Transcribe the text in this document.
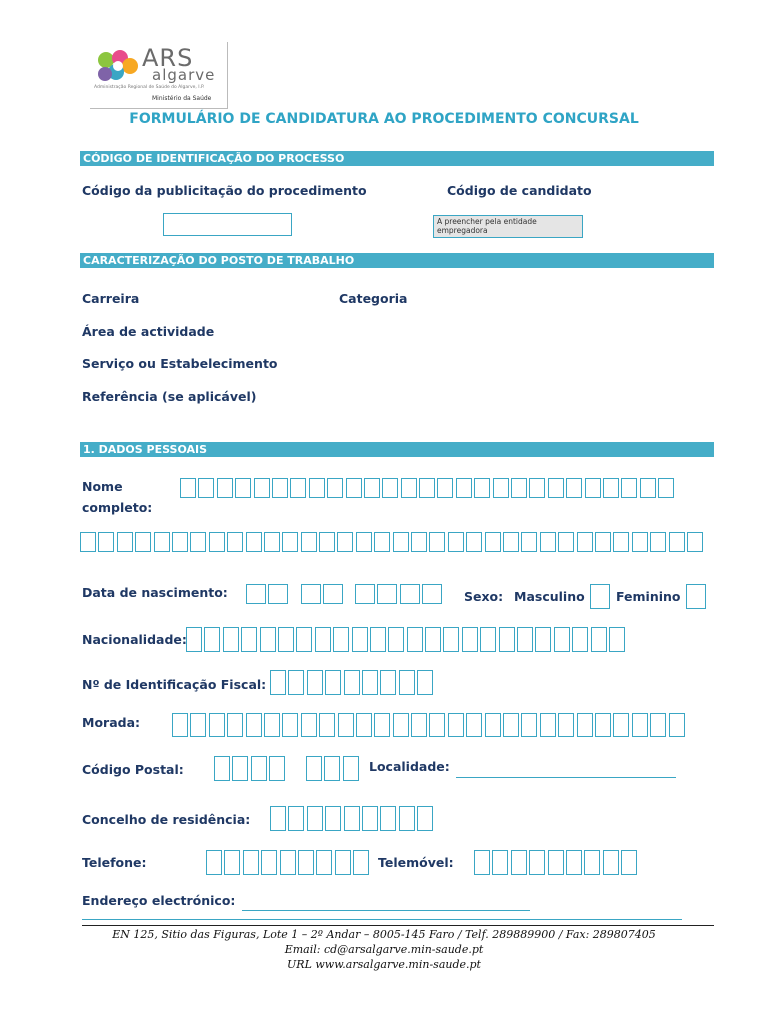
ARS
algarve
Administração Regional de Saúde do Algarve, I.P.
Ministério da Saúde
FORMULÁRIO DE CANDIDATURA AO PROCEDIMENTO CONCURSAL
CÓDIGO DE IDENTIFICAÇÃO DO PROCESSO
Código da publicitação do procedimento	Código de candidato
A preencher pela entidade empregadora
CARACTERIZAÇÃO DO POSTO DE TRABALHO
Carreira	Categoria
Área de actividade
Serviço ou Estabelecimento
Referência (se aplicável)
1. DADOS PESSOAIS
Nome
completo:
Data de nascimento:	Sexo: Masculino	Feminino
Nacionalidade:
Nº de Identificação Fiscal:
Morada:
Código Postal:	Localidade:
Concelho de residência:
Telefone:	Telemóvel:
Endereço electrónico:
EN 125, Sitio das Figuras, Lote 1 – 2º Andar – 8005-145 Faro / Telf. 289889900 / Fax: 289807405
Email: cd@arsalgarve.min-saude.pt
URL www.arsalgarve.min-saude.pt
